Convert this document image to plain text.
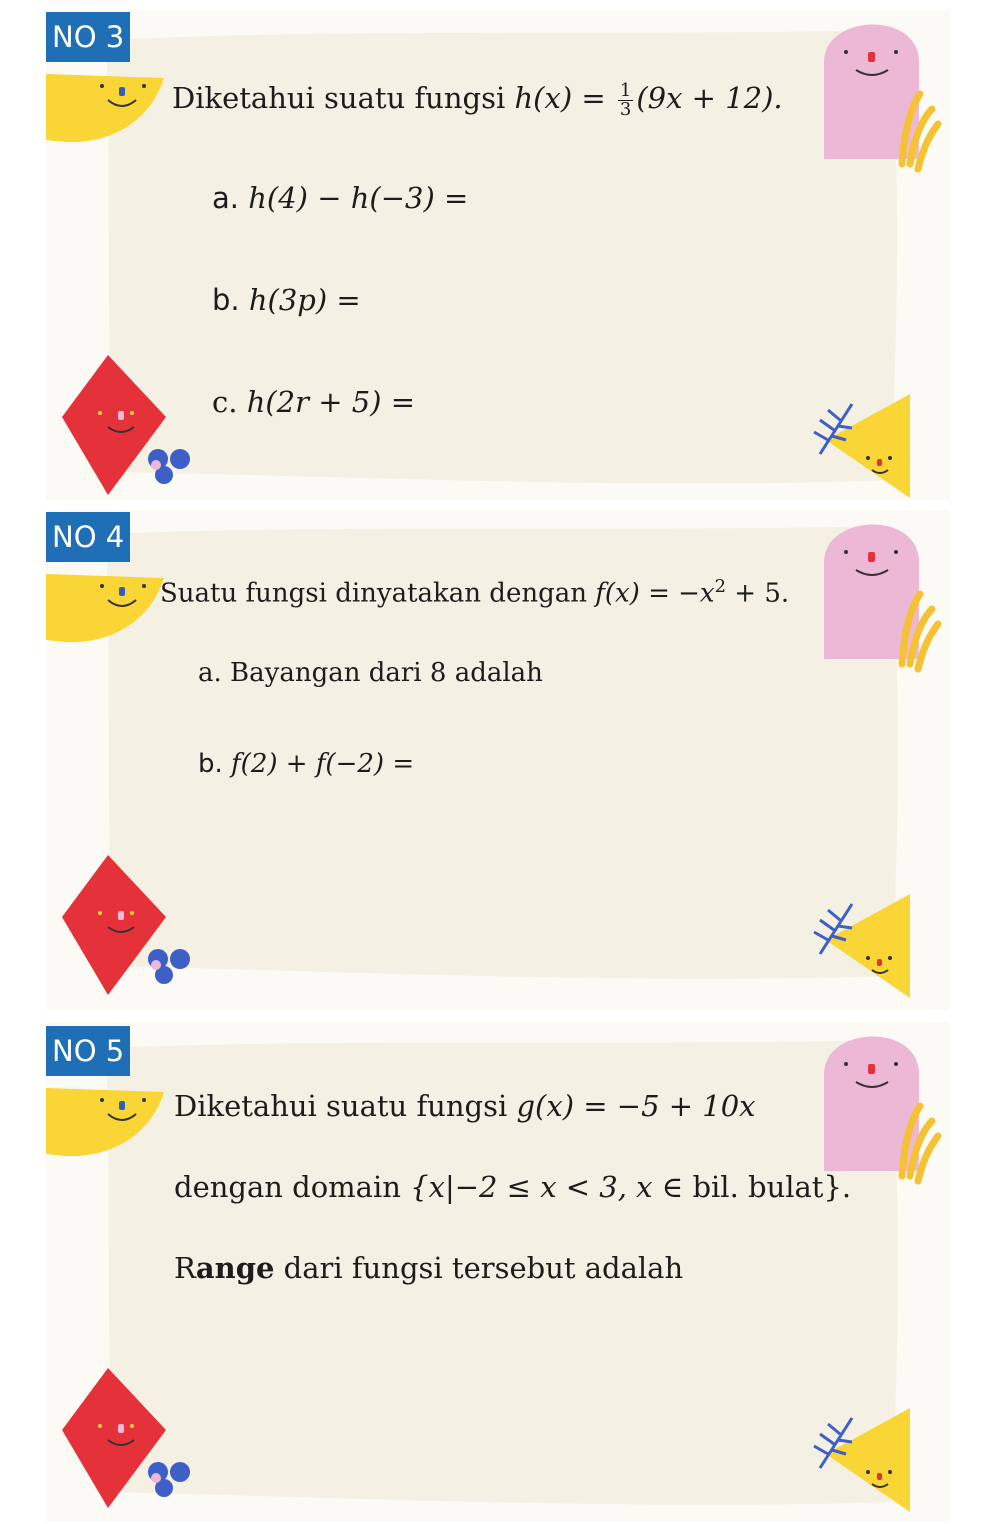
NO 3
Diketahui suatu fungsi $h(x) = \frac{1}{3} (9x + 12)$.
a. h(4) − h(−3) =
b. h(3p) =
c. h(2r + 5) =
NO 4
Suatu fungsi dinyatakan dengan $f(x) = -x^2 + 5$.
a. Bayangan dari 8 adalah
b. f(2) + f(−2) =
NO 5
Diketahui suatu fungsi g(x) = −5 + 10x
dengan domain {x|−2 ≤ x < 3, x ∈ bil. bulat}.
Range dari fungsi tersebut adalah
